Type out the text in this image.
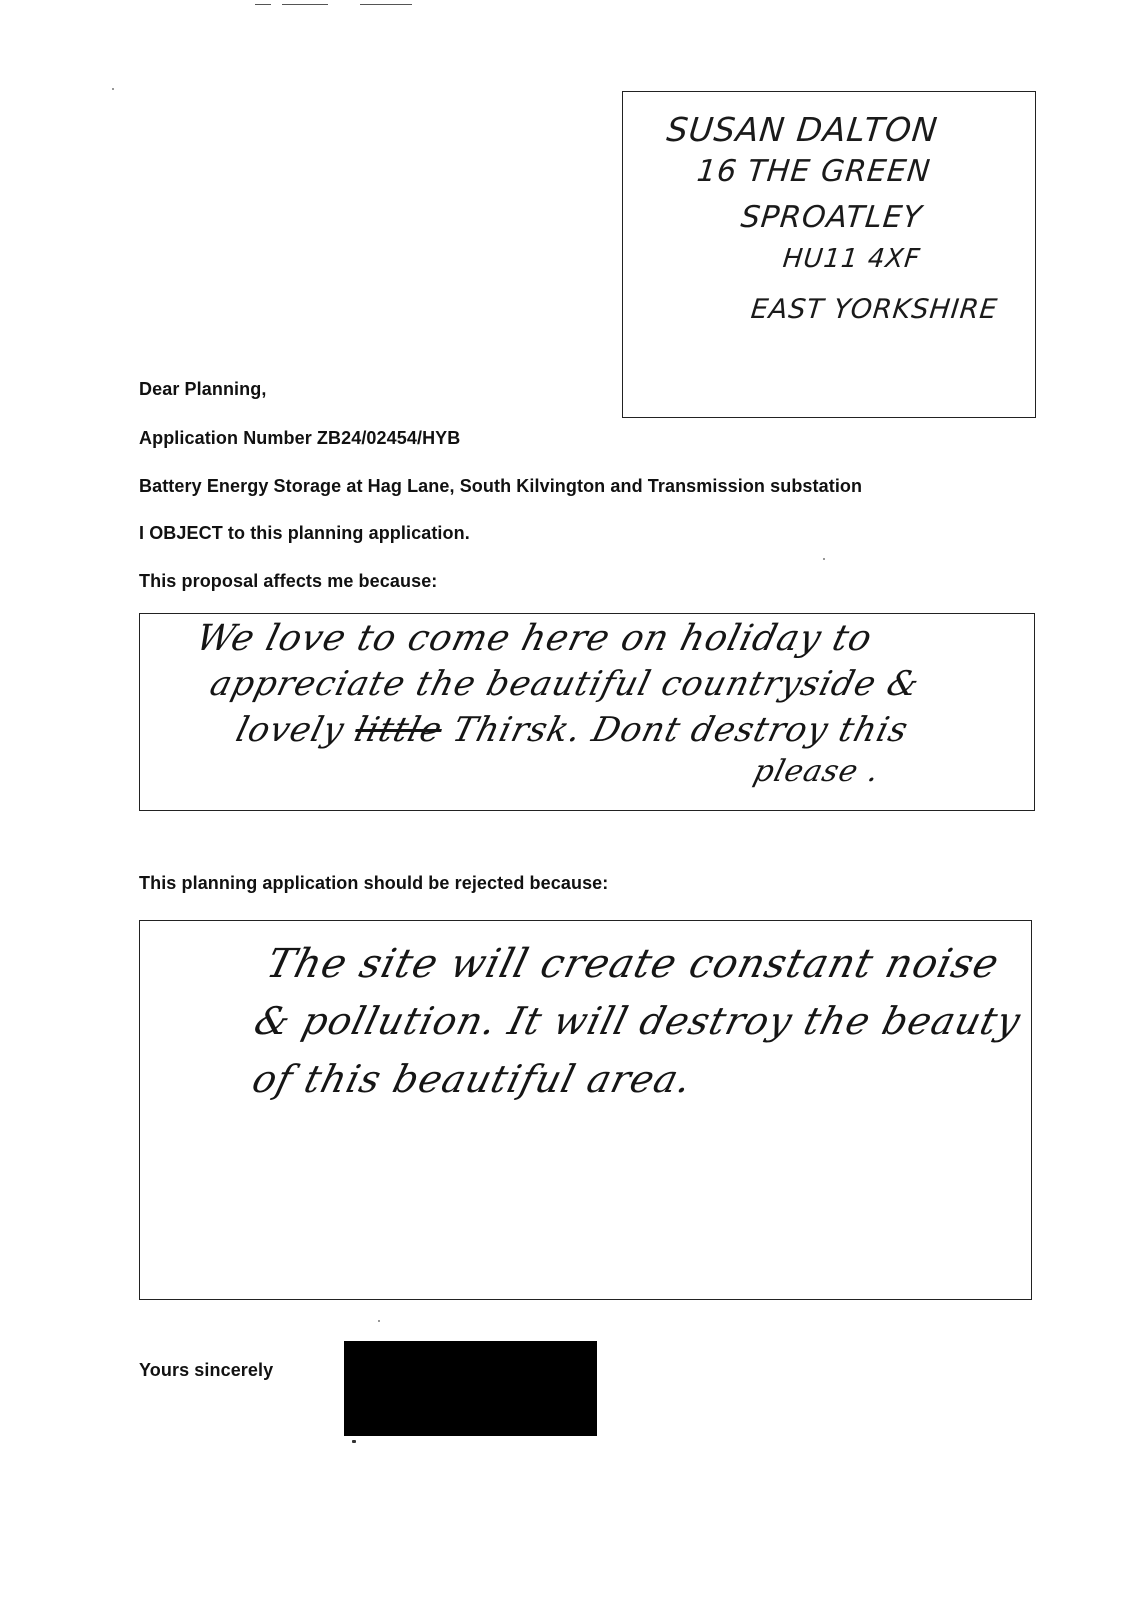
SUSAN DALTON
16 THE GREEN
SPROATLEY
HU11 4XF
EAST YORKSHIRE
Dear Planning,
Application Number ZB24/02454/HYB
Battery Energy Storage at Hag Lane, South Kilvington and Transmission substation
I OBJECT to this planning application.
This proposal affects me because:
We love to come here on holiday to
appreciate the beautiful countryside &
lovely little Thirsk. Dont destroy this
please .
This planning application should be rejected because:
The site will create constant noise
& pollution. It will destroy the beauty
of this beautiful area.
Yours sincerely
